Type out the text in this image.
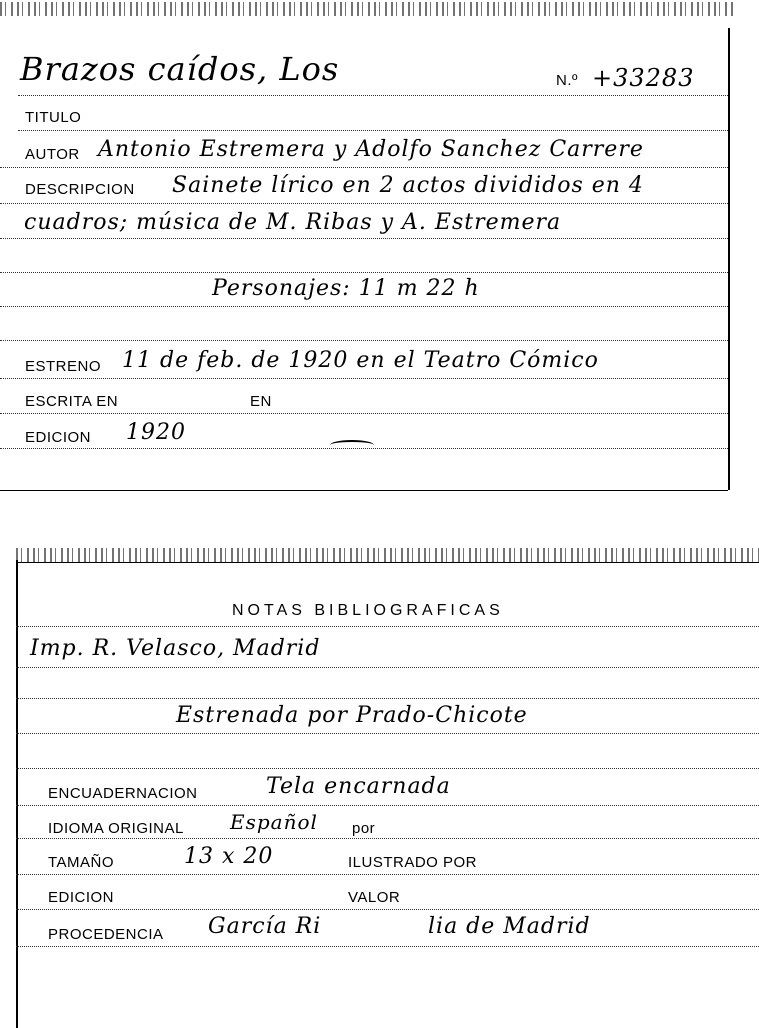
Brazos caídos, Los	N.º +33283
TITULO
AUTOR Antonio Estremera y Adolfo Sanchez Carrere
DESCRIPCION Sainete lírico en 2 actos divididos en 4
cuadros; música de M. Ribas y A. Estremera
Personajes: 11 m 22 h
ESTRENO 11 de feb. de 1920 en el Teatro Cómico
ESCRITA EN	EN
EDICION 1920
NOTAS BIBLIOGRAFICAS
Imp. R. Velasco, Madrid
Estrenada por Prado-Chicote
ENCUADERNACION	Tela encarnada
IDIOMA ORIGINAL Español por
TAMAÑO	13 x 20	ILUSTRADO POR
EDICION	VALOR
PROCEDENCIA García Ri	lia de Madrid
